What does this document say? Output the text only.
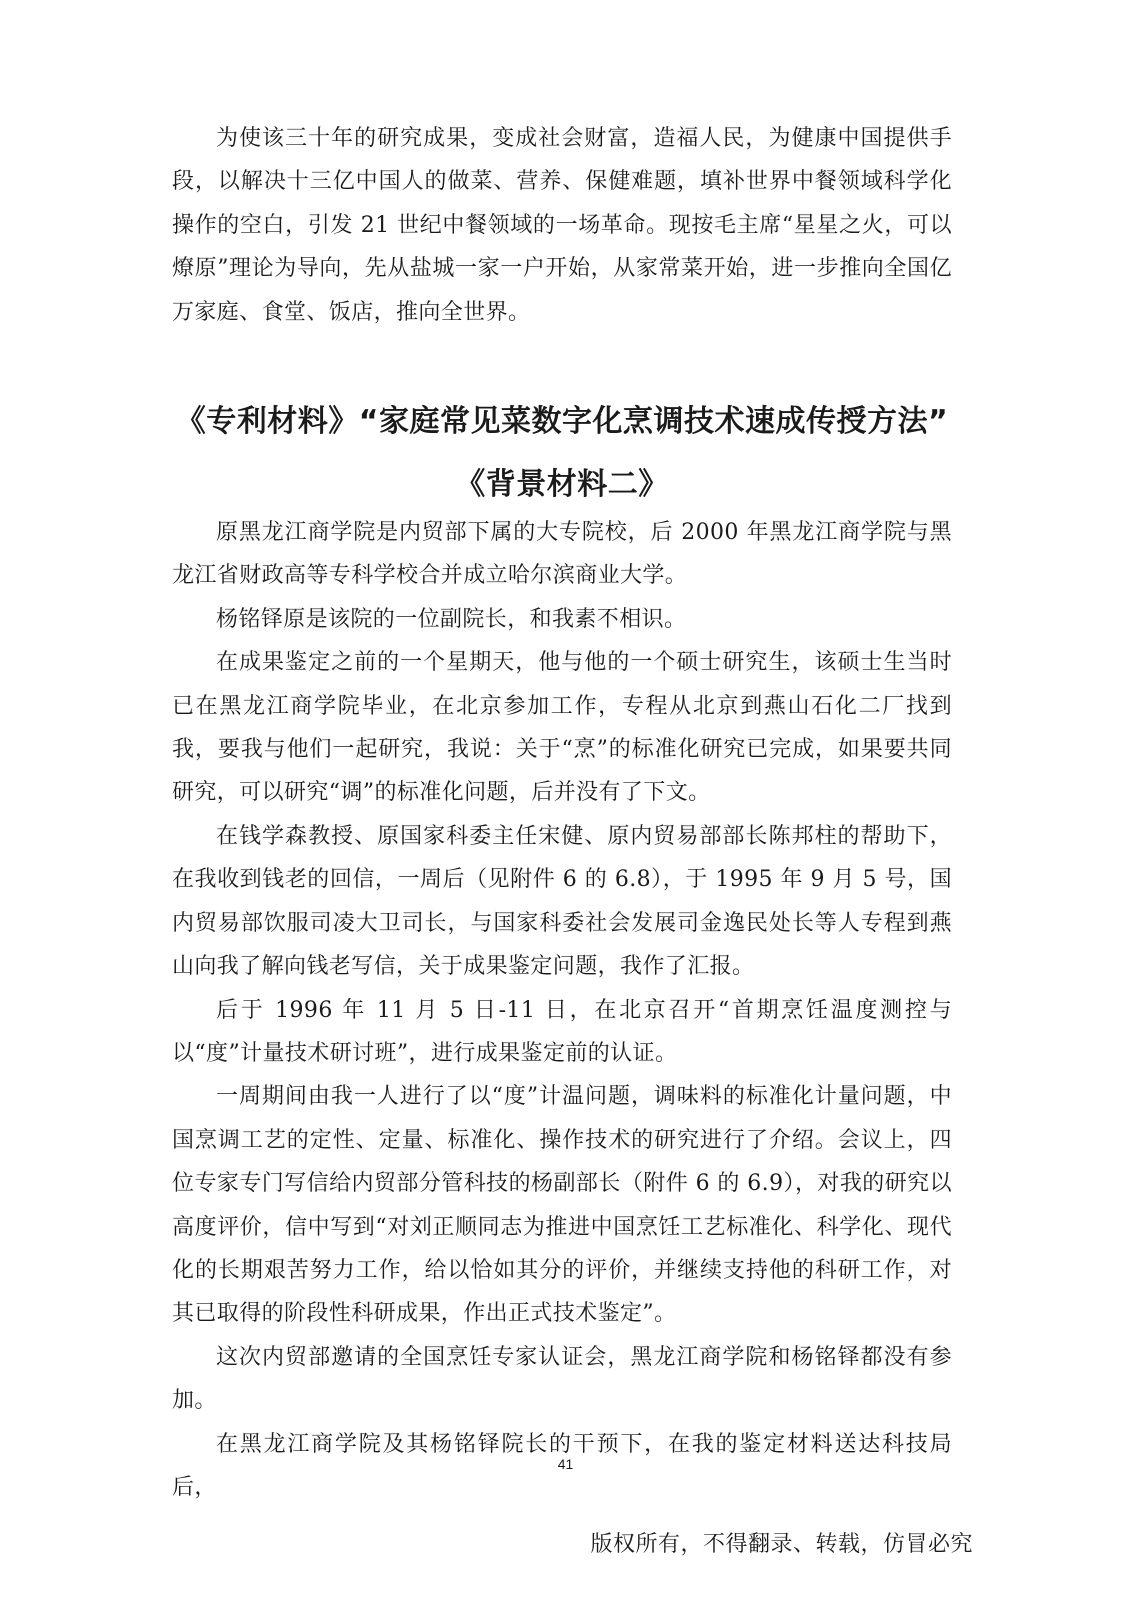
为使该三十年的研究成果，变成社会财富，造福人民，为健康中国提供手段，以解决十三亿中国人的做菜、营养、保健难题，填补世界中餐领域科学化操作的空白，引发 21 世纪中餐领域的一场革命。现按毛主席“星星之火，可以燎原”理论为导向，先从盐城一家一户开始，从家常菜开始，进一步推向全国亿万家庭、食堂、饭店，推向全世界。

《专利材料》“家庭常见菜数字化烹调技术速成传授方法”
《背景材料二》

原黑龙江商学院是内贸部下属的大专院校，后 2000 年黑龙江商学院与黑龙江省财政高等专科学校合并成立哈尔滨商业大学。

杨铭铎原是该院的一位副院长，和我素不相识。

在成果鉴定之前的一个星期天，他与他的一个硕士研究生，该硕士生当时已在黑龙江商学院毕业，在北京参加工作，专程从北京到燕山石化二厂找到我，要我与他们一起研究，我说：关于“烹”的标准化研究已完成，如果要共同研究，可以研究“调”的标准化问题，后并没有了下文。

在钱学森教授、原国家科委主任宋健、原内贸易部部长陈邦柱的帮助下，在我收到钱老的回信，一周后（见附件 6 的 6.8），于 1995 年 9 月 5 号，国内贸易部饮服司凌大卫司长，与国家科委社会发展司金逸民处长等人专程到燕山向我了解向钱老写信，关于成果鉴定问题，我作了汇报。

后于 1996 年 11 月 5 日-11 日，在北京召开“首期烹饪温度测控与以“度”计量技术研讨班”，进行成果鉴定前的认证。

一周期间由我一人进行了以“度”计温问题，调味料的标准化计量问题，中国烹调工艺的定性、定量、标准化、操作技术的研究进行了介绍。会议上，四位专家专门写信给内贸部分管科技的杨副部长（附件 6 的 6.9），对我的研究以高度评价，信中写到“对刘正顺同志为推进中国烹饪工艺标准化、科学化、现代化的长期艰苦努力工作，给以恰如其分的评价，并继续支持他的科研工作，对其已取得的阶段性科研成果，作出正式技术鉴定”。

这次内贸部邀请的全国烹饪专家认证会，黑龙江商学院和杨铭铎都没有参加。

在黑龙江商学院及其杨铭铎院长的干预下，在我的鉴定材料送达科技局后，

41
版权所有，不得翻录、转载，仿冒必究
